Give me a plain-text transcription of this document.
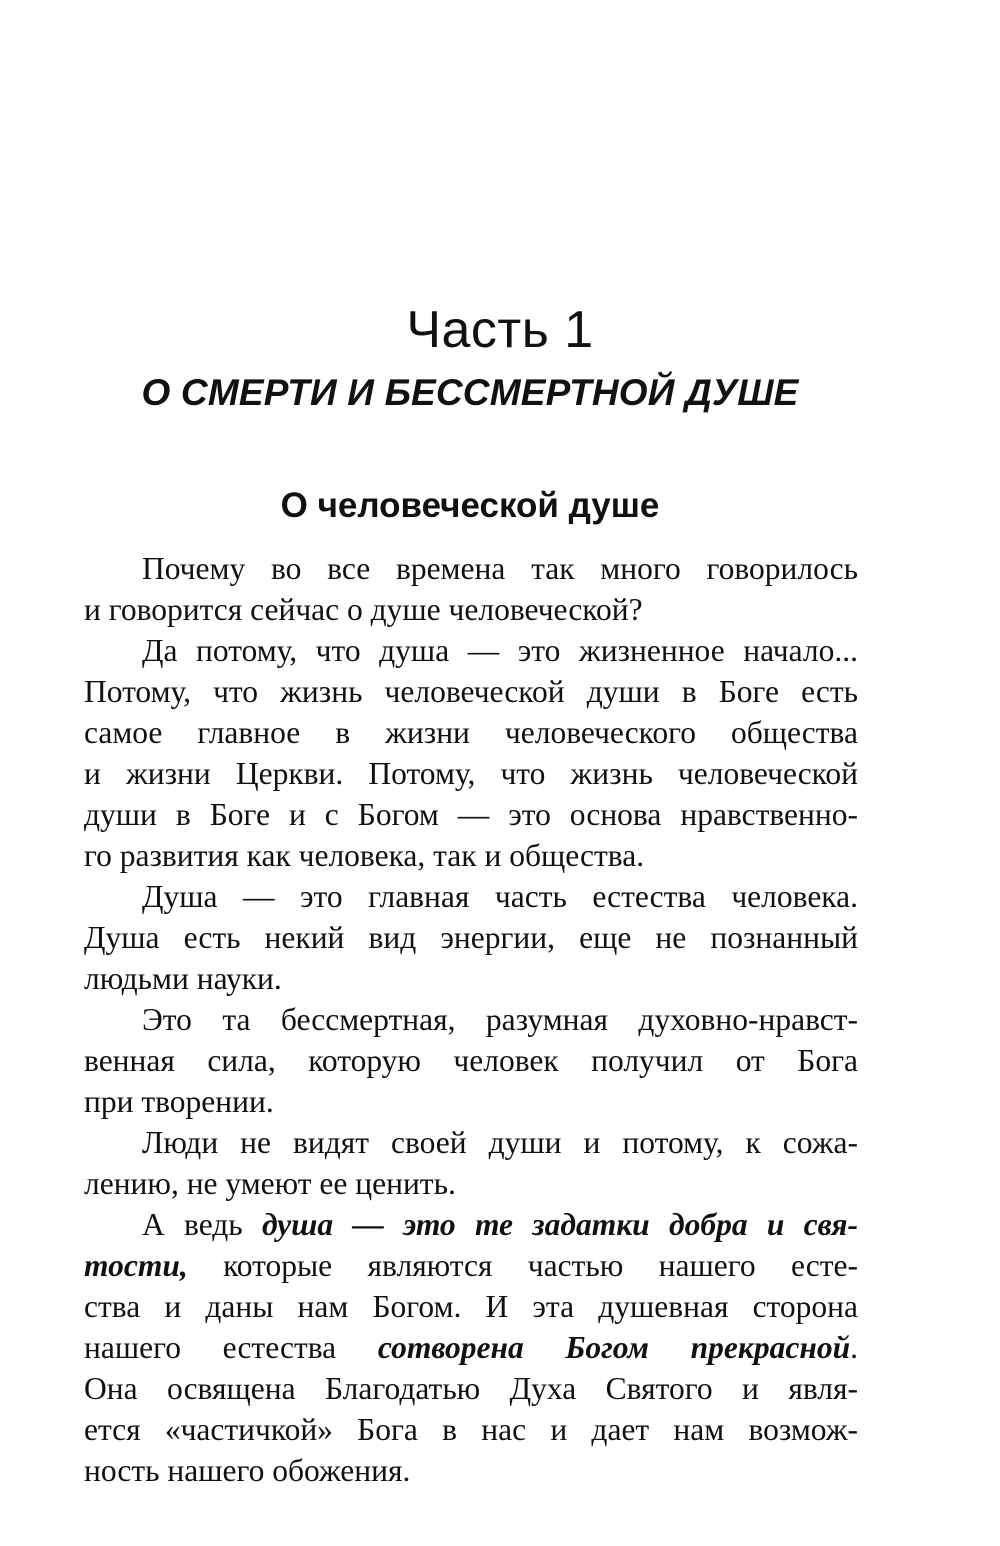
Часть 1
О СМЕРТИ И БЕССМЕРТНОЙ ДУШЕ
О человеческой душе

Почему во все времена так много говорилось
и говорится сейчас о душе человеческой?

Да потому, что душа — это жизненное начало...
Потому, что жизнь человеческой души в Боге есть
самое главное в жизни человеческого общества
и жизни Церкви. Потому, что жизнь человеческой
души в Боге и с Богом — это основа нравственно-
го развития как человека, так и общества.

Душа — это главная часть естества человека.
Душа есть некий вид энергии, еще не познанный
людьми науки.

Это та бессмертная, разумная духовно-нравст-
венная сила, которую человек получил от Бога
при творении.

Люди не видят своей души и потому, к сожа-
лению, не умеют ее ценить.

А ведь душа — это те задатки добра и свя-
тости, которые являются частью нашего есте-
ства и даны нам Богом. И эта душевная сторона
нашего естества сотворена Богом прекрасной.
Она освящена Благодатью Духа Святого и явля-
ется «частичкой» Бога в нас и дает нам возмож-
ность нашего обожения.
